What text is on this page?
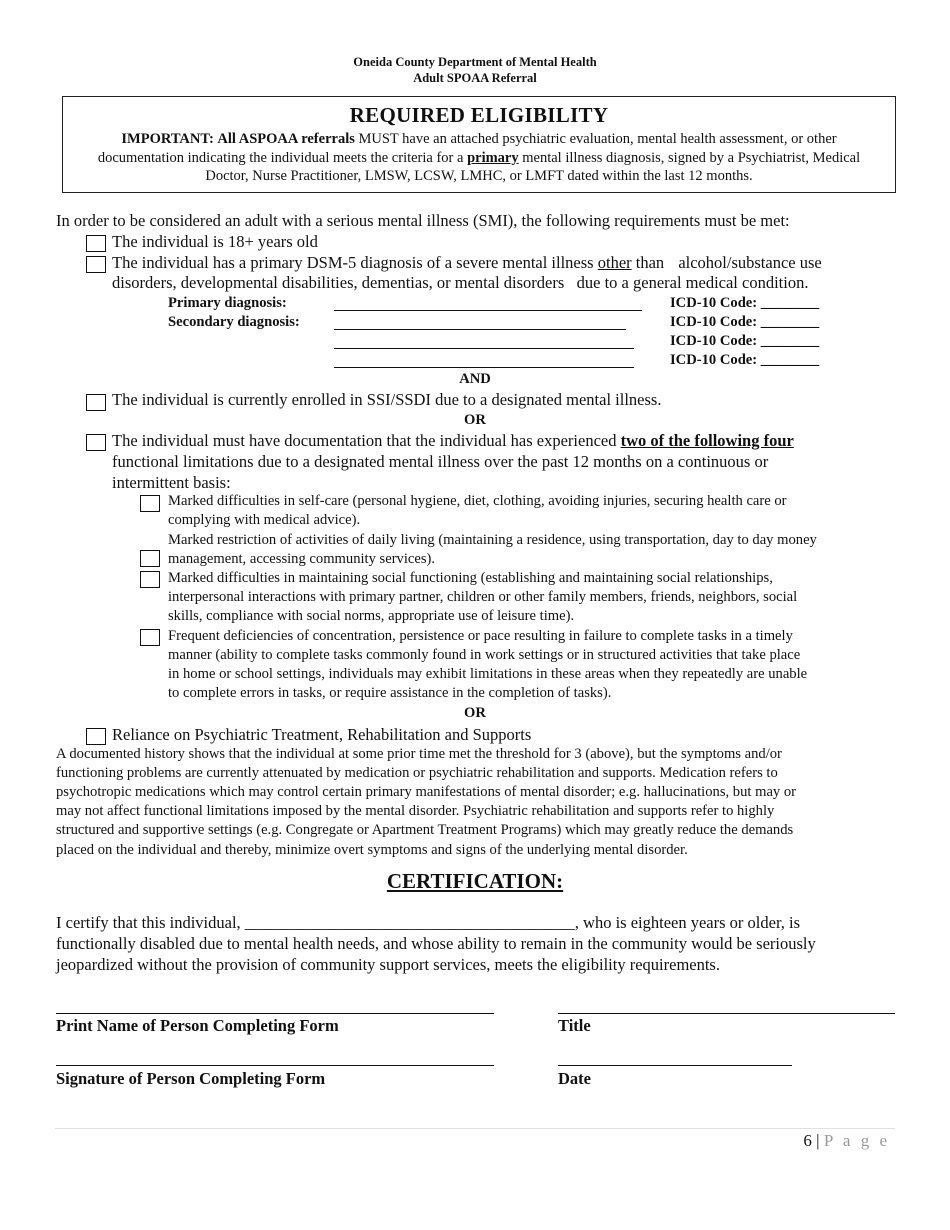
Oneida County Department of Mental Health
Adult SPOAA Referral
REQUIRED ELIGIBILITY
IMPORTANT: All ASPOAA referrals MUST have an attached psychiatric evaluation, mental health assessment, or other documentation indicating the individual meets the criteria for a primary mental illness diagnosis, signed by a Psychiatrist, Medical Doctor, Nurse Practitioner, LMSW, LCSW, LMHC, or LMFT dated within the last 12 months.
In order to be considered an adult with a serious mental illness (SMI), the following requirements must be met:
The individual is 18+ years old
The individual has a primary DSM-5 diagnosis of a severe mental illness other than alcohol/substance use
disorders, developmental disabilities, dementias, or mental disorders   due to a general medical condition.
Primary diagnosis:	ICD-10 Code: ________
Secondary diagnosis:	ICD-10 Code: ________
ICD-10 Code: ________
ICD-10 Code: ________
AND
The individual is currently enrolled in SSI/SSDI due to a designated mental illness.
OR
The individual must have documentation that the individual has experienced two of the following four
functional limitations due to a designated mental illness over the past 12 months on a continuous or
intermittent basis:
Marked difficulties in self-care (personal hygiene, diet, clothing, avoiding injuries, securing health care or
complying with medical advice).
Marked restriction of activities of daily living (maintaining a residence, using transportation, day to day money
management, accessing community services).
Marked difficulties in maintaining social functioning (establishing and maintaining social relationships,
interpersonal interactions with primary partner, children or other family members, friends, neighbors, social
skills, compliance with social norms, appropriate use of leisure time).
Frequent deficiencies of concentration, persistence or pace resulting in failure to complete tasks in a timely
manner (ability to complete tasks commonly found in work settings or in structured activities that take place
in home or school settings, individuals may exhibit limitations in these areas when they repeatedly are unable
to complete errors in tasks, or require assistance in the completion of tasks).
OR
Reliance on Psychiatric Treatment, Rehabilitation and Supports
A documented history shows that the individual at some prior time met the threshold for 3 (above), but the symptoms and/or
functioning problems are currently attenuated by medication or psychiatric rehabilitation and supports. Medication refers to
psychotropic medications which may control certain primary manifestations of mental disorder; e.g. hallucinations, but may or
may not affect functional limitations imposed by the mental disorder. Psychiatric rehabilitation and supports refer to highly
structured and supportive settings (e.g. Congregate or Apartment Treatment Programs) which may greatly reduce the demands
placed on the individual and thereby, minimize overt symptoms and signs of the underlying mental disorder.
CERTIFICATION:
I certify that this individual, ________________________________________, who is eighteen years or older, is
functionally disabled due to mental health needs, and whose ability to remain in the community would be seriously
jeopardized without the provision of community support services, meets the eligibility requirements.
Print Name of Person Completing Form	Title
Signature of Person Completing Form	Date
6 | P a g e
